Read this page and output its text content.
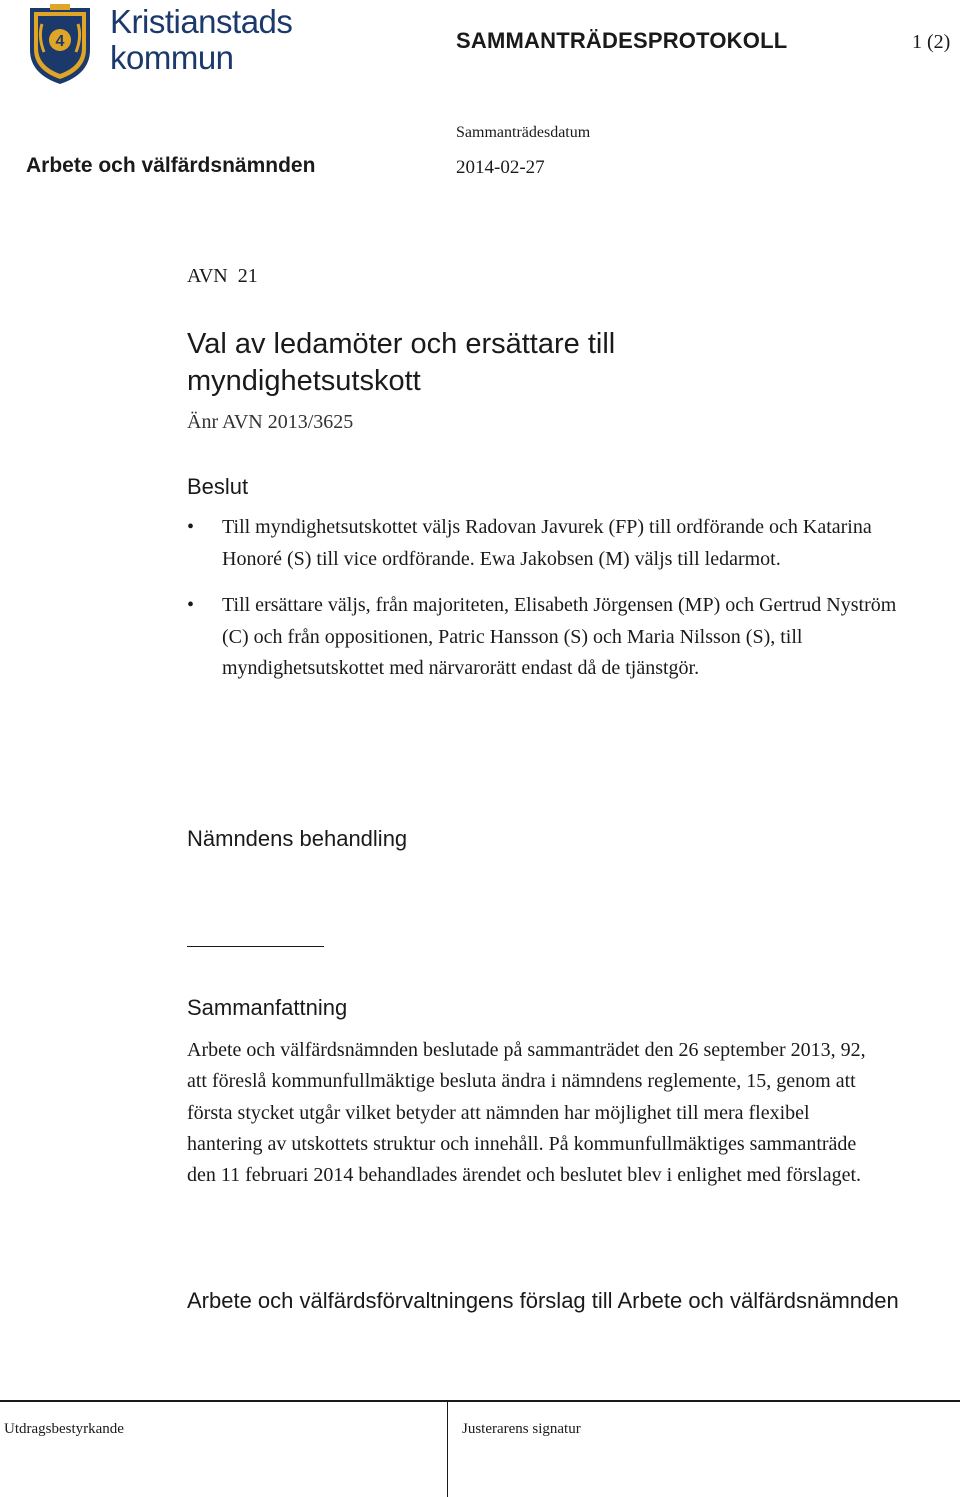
4
Kristianstads
kommun	SAMMANTRÄDESPROTOKOLL	1 (2)
Sammanträdesdatum
Arbete och välfärdsnämnden	2014-02-27
AVN  21
Val av ledamöter och ersättare till myndighetsutskott
Änr AVN 2013/3625
Beslut
• Till myndighetsutskottet väljs Radovan Javurek (FP) till ordförande och Katarina Honoré (S) till vice ordförande. Ewa Jakobsen (M) väljs till ledarmot.
• Till ersättare väljs, från majoriteten, Elisabeth Jörgensen (MP) och Gertrud Nyström (C) och från oppositionen, Patric Hansson (S) och Maria Nilsson (S), till myndighetsutskottet med närvarorätt endast då de tjänstgör.
Nämndens behandling
Sammanfattning

Arbete och välfärdsnämnden beslutade på sammanträdet den 26 september 2013, 92, att föreslå kommunfullmäktige besluta ändra i nämndens reglemente, 15, genom att första stycket utgår vilket betyder att nämnden har möjlighet till mera flexibel hantering av utskottets struktur och innehåll. På kommunfullmäktiges sammanträde den 11 februari 2014 behandlades ärendet och beslutet blev i enlighet med förslaget.

Arbete och välfärdsförvaltningens förslag till Arbete och välfärdsnämnden
Utdragsbestyrkande	Justerarens signatur
